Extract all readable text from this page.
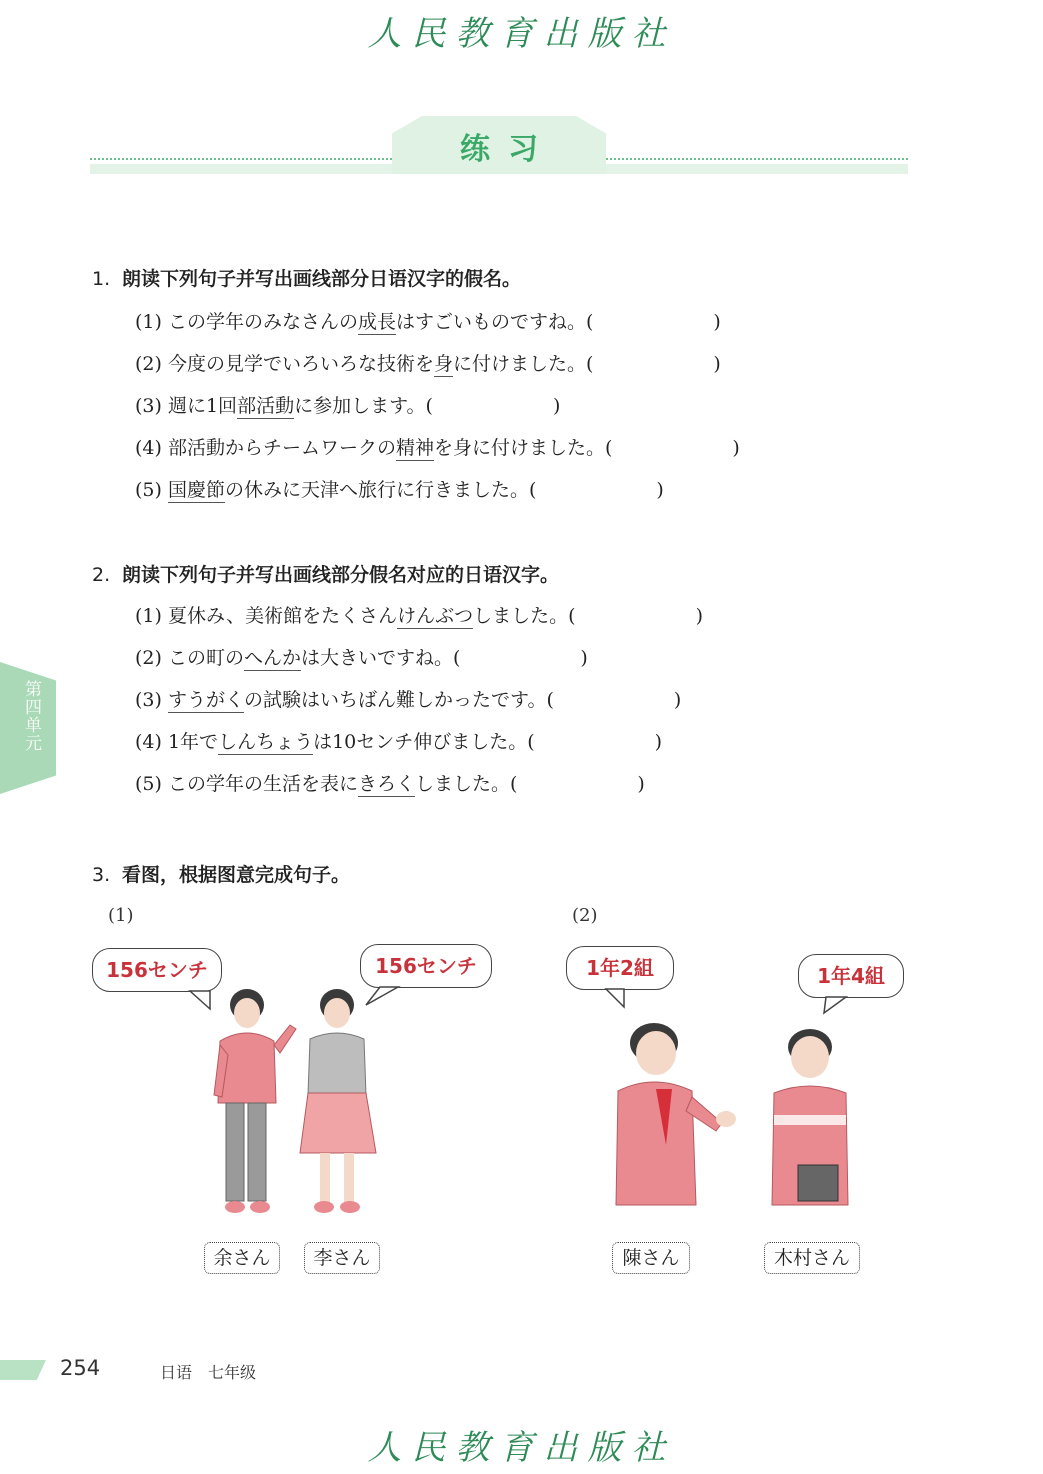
人民教育出版社
练习
第四单元
1. 朗读下列句子并写出画线部分日语汉字的假名。
(1) この学年のみなさんの成長はすごいものですね。(	)
(2) 今度の見学でいろいろな技術を身に付けました。(	)
(3) 週に1回部活動に参加します。(	)
(4) 部活動からチームワークの精神を身に付けました。(	)
(5) 国慶節の休みに天津へ旅行に行きました。(	)
2. 朗读下列句子并写出画线部分假名对应的日语汉字。
(1) 夏休み、美術館をたくさんけんぶつしました。(	)
(2) この町のへんかは大きいですね。(	)
(3) すうがくの試験はいちばん難しかったです。(	)
(4) 1年でしんちょうは10センチ伸びました。(	)
(5) この学年の生活を表にきろくしました。(	)
3. 看图，根据图意完成句子。
(1)
156センチ	156センチ
余さん	李さん
(2)
1年2組	1年4組
陳さん	木村さん
254	日语　七年级
人民教育出版社
